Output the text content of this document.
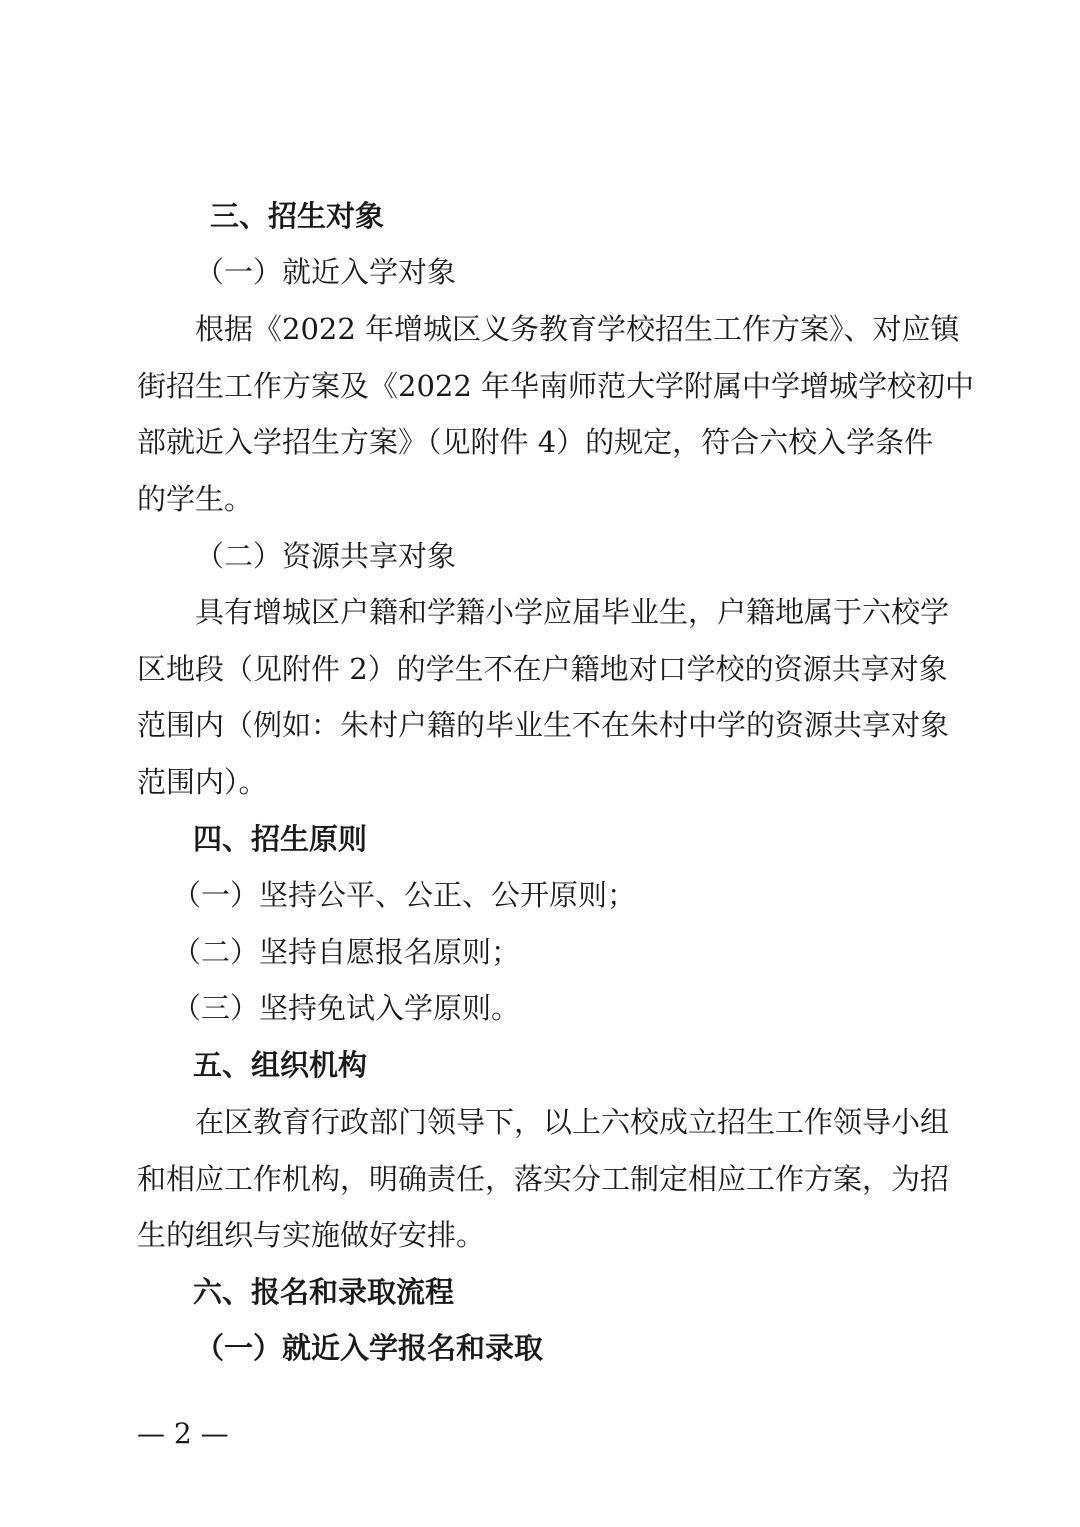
三、招生对象
（一）就近入学对象
根据《2022 年增城区义务教育学校招生工作方案》、对应镇
街招生工作方案及《2022 年华南师范大学附属中学增城学校初中
部就近入学招生方案》（见附件 4）的规定，符合六校入学条件
的学生。
（二）资源共享对象
具有增城区户籍和学籍小学应届毕业生，户籍地属于六校学
区地段（见附件 2）的学生不在户籍地对口学校的资源共享对象
范围内（例如：朱村户籍的毕业生不在朱村中学的资源共享对象
范围内）。
四、招生原则
（一）坚持公平、公正、公开原则；
（二）坚持自愿报名原则；
（三）坚持免试入学原则。
五、组织机构
在区教育行政部门领导下，以上六校成立招生工作领导小组
和相应工作机构，明确责任，落实分工制定相应工作方案，为招
生的组织与实施做好安排。
六、报名和录取流程
（一）就近入学报名和录取
— 2 —
